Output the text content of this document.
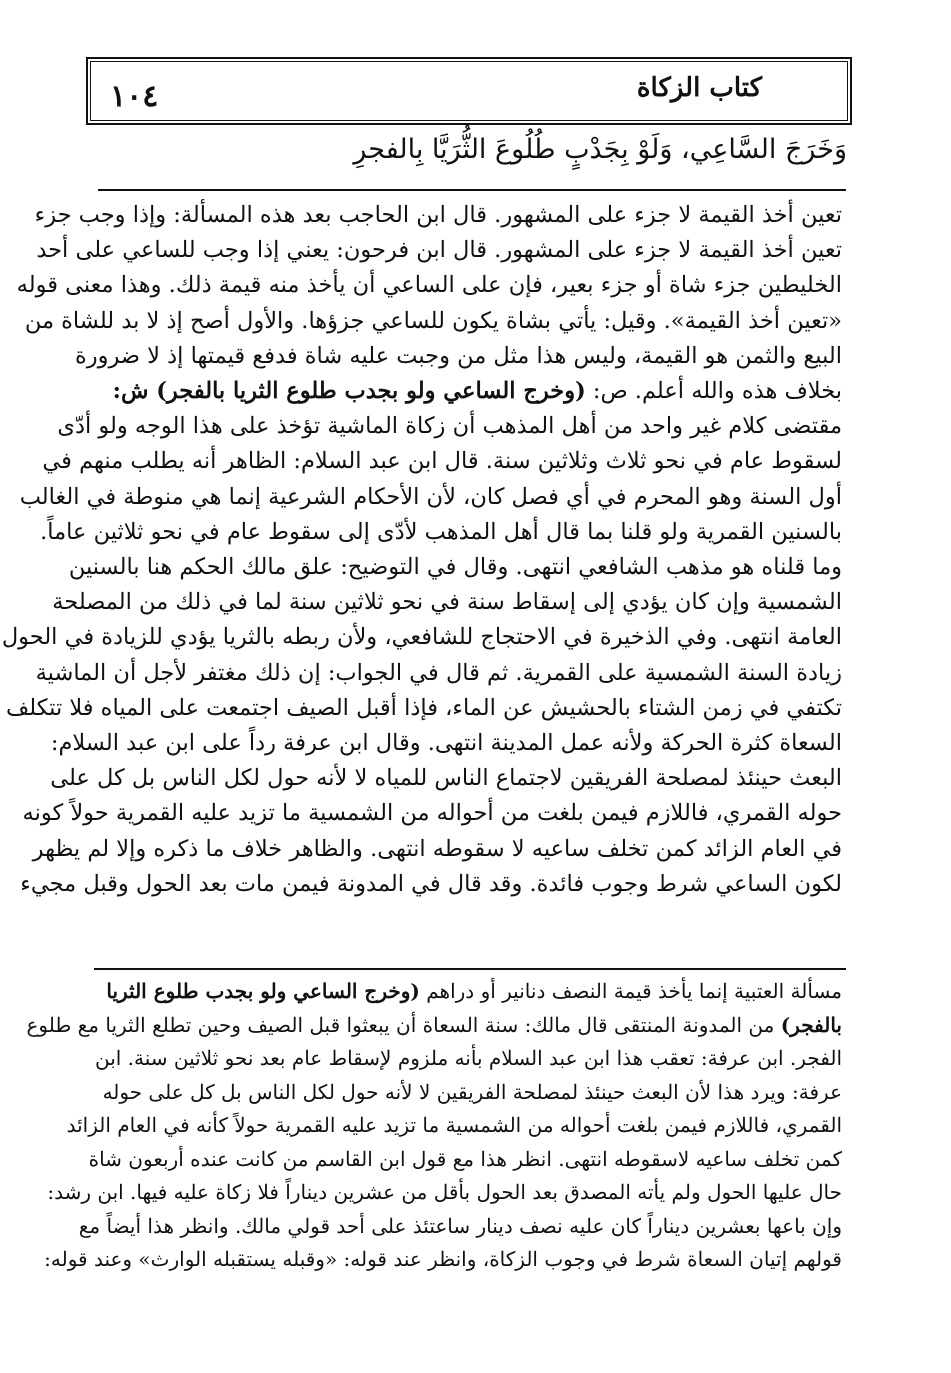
كتاب الزكاة
١٠٤
وَخَرَجَ السَّاعِي، وَلَوْ بِجَدْبٍ طُلُوعَ الثُّرَيَّا بِالفجرِ
تعين أخذ القيمة لا جزء على المشهور. قال ابن الحاجب بعد هذه المسألة: وإذا وجب جزء
تعين أخذ القيمة لا جزء على المشهور. قال ابن فرحون: يعني إذا وجب للساعي على أحد
الخليطين جزء شاة أو جزء بعير، فإن على الساعي أن يأخذ منه قيمة ذلك. وهذا معنى قوله
«تعين أخذ القيمة». وقيل: يأتي بشاة يكون للساعي جزؤها. والأول أصح إذ لا بد للشاة من
البيع والثمن هو القيمة، وليس هذا مثل من وجبت عليه شاة فدفع قيمتها إذ لا ضرورة
بخلاف هذه والله أعلم. ص: (وخرج الساعي ولو بجدب طلوع الثريا بالفجر) ش:
مقتضى كلام غير واحد من أهل المذهب أن زكاة الماشية تؤخذ على هذا الوجه ولو أدّى
لسقوط عام في نحو ثلاث وثلاثين سنة. قال ابن عبد السلام: الظاهر أنه يطلب منهم في
أول السنة وهو المحرم في أي فصل كان، لأن الأحكام الشرعية إنما هي منوطة في الغالب
بالسنين القمرية ولو قلنا بما قال أهل المذهب لأدّى إلى سقوط عام في نحو ثلاثين عاماً.
وما قلناه هو مذهب الشافعي انتهى. وقال في التوضيح: علق مالك الحكم هنا بالسنين
الشمسية وإن كان يؤدي إلى إسقاط سنة في نحو ثلاثين سنة لما في ذلك من المصلحة
العامة انتهى. وفي الذخيرة في الاحتجاج للشافعي، ولأن ربطه بالثريا يؤدي للزيادة في الحول
زيادة السنة الشمسية على القمرية. ثم قال في الجواب: إن ذلك مغتفر لأجل أن الماشية
تكتفي في زمن الشتاء بالحشيش عن الماء، فإذا أقبل الصيف اجتمعت على المياه فلا تتكلف
السعاة كثرة الحركة ولأنه عمل المدينة انتهى. وقال ابن عرفة رداً على ابن عبد السلام:
البعث حينئذ لمصلحة الفريقين لاجتماع الناس للمياه لا لأنه حول لكل الناس بل كل على
حوله القمري، فاللازم فيمن بلغت من أحواله من الشمسية ما تزيد عليه القمرية حولاً كونه
في العام الزائد كمن تخلف ساعيه لا سقوطه انتهى. والظاهر خلاف ما ذكره وإلا لم يظهر
لكون الساعي شرط وجوب فائدة. وقد قال في المدونة فيمن مات بعد الحول وقبل مجيء
مسألة العتبية إنما يأخذ قيمة النصف دنانير أو دراهم (وخرج الساعي ولو بجدب طلوع الثريا
بالفجر) من المدونة المنتقى قال مالك: سنة السعاة أن يبعثوا قبل الصيف وحين تطلع الثريا مع طلوع
الفجر. ابن عرفة: تعقب هذا ابن عبد السلام بأنه ملزوم لإسقاط عام بعد نحو ثلاثين سنة. ابن
عرفة: ويرد هذا لأن البعث حينئذ لمصلحة الفريقين لا لأنه حول لكل الناس بل كل على حوله
القمري، فاللازم فيمن بلغت أحواله من الشمسية ما تزيد عليه القمرية حولاً كأنه في العام الزائد
كمن تخلف ساعيه لاسقوطه انتهى. انظر هذا مع قول ابن القاسم من كانت عنده أربعون شاة
حال عليها الحول ولم يأته المصدق بعد الحول بأقل من عشرين ديناراً فلا زكاة عليه فيها. ابن رشد:
وإن باعها بعشرين ديناراً كان عليه نصف دينار ساعتئذ على أحد قولي مالك. وانظر هذا أيضاً مع
قولهم إتيان السعاة شرط في وجوب الزكاة، وانظر عند قوله: «وقبله يستقبله الوارث» وعند قوله:
